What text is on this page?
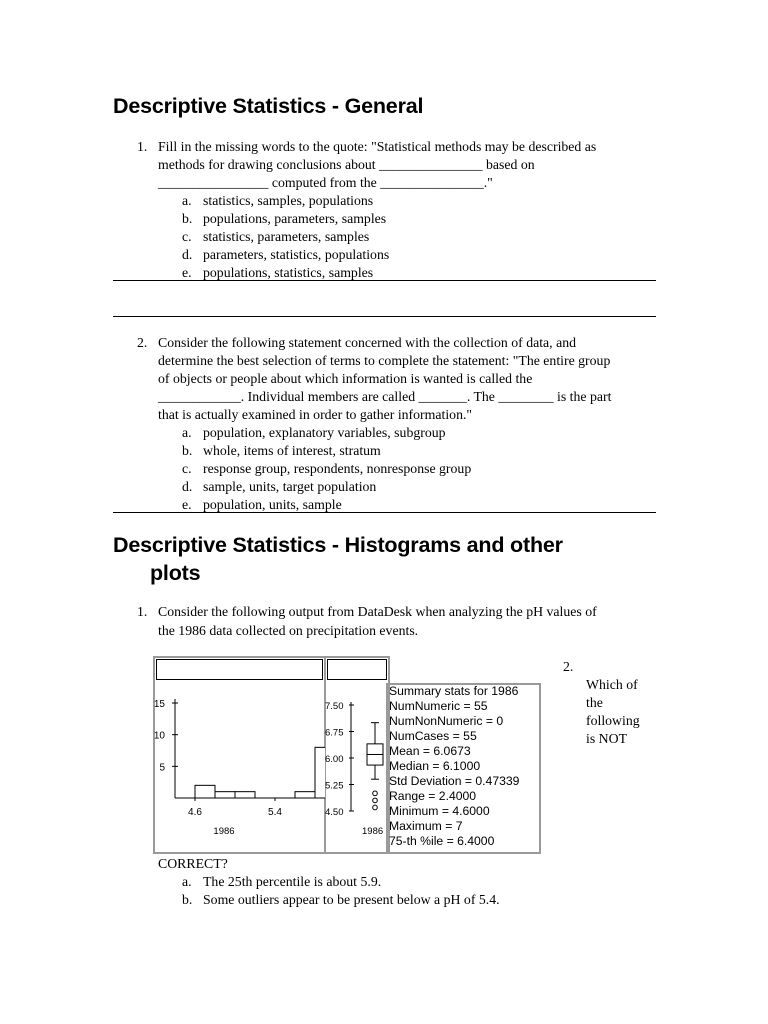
Descriptive Statistics - General
1. Fill in the missing words to the quote: "Statistical methods may be described as

methods for drawing conclusions about _______________ based on

________________ computed from the _______________."

a. statistics, samples, populations
b. populations, parameters, samples
c. statistics, parameters, samples
d. parameters, statistics, populations
e. populations, statistics, samples
2. Consider the following statement concerned with the collection of data, and

determine the best selection of terms to complete the statement: "The entire group

of objects or people about which information is wanted is called the

____________. Individual members are called _______. The ________ is the part

that is actually examined in order to gather information."

a. population, explanatory variables, subgroup
b. whole, items of interest, stratum
c. response group, respondents, nonresponse group
d. sample, units, target population
e. population, units, sample
Descriptive Statistics - Histograms and other
plots
1. Consider the following output from DataDesk when analyzing the pH values of

the 1986 data collected on precipitation events.

15
10
5
4.6	5.4
1986
7.50
6.75
6.00
5.25
4.50
1986
Summary stats for 1986
NumNumeric = 55
NumNonNumeric = 0
NumCases = 55
Mean = 6.0673
Median = 6.1000
Std Deviation = 0.47339
Range = 2.4000
Minimum = 4.6000
Maximum = 7
75-th %ile = 6.4000
2.

Which of

the

following

is NOT

CORRECT?

a. The 25th percentile is about 5.9.
b. Some outliers appear to be present below a pH of 5.4.
